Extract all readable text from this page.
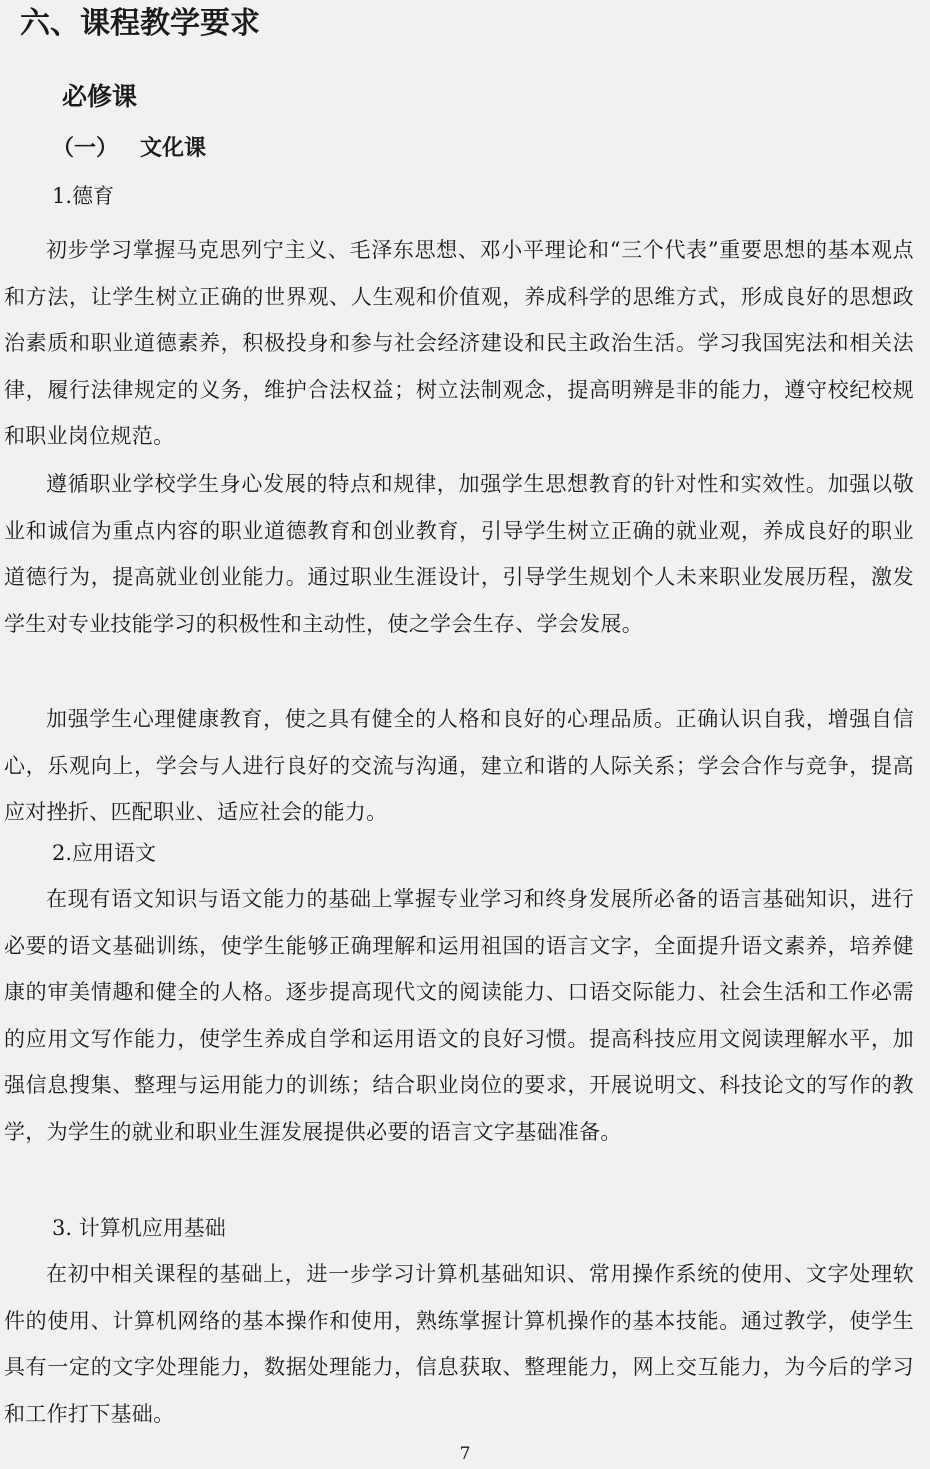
六、课程教学要求
必修课
（一） 文化课
1.德育

初步学习掌握马克思列宁主义、毛泽东思想、邓小平理论和“三个代表”重要思想的基本观点和方法，让学生树立正确的世界观、人生观和价值观，养成科学的思维方式，形成良好的思想政治素质和职业道德素养，积极投身和参与社会经济建设和民主政治生活。学习我国宪法和相关法律，履行法律规定的义务，维护合法权益；树立法制观念，提高明辨是非的能力，遵守校纪校规和职业岗位规范。

遵循职业学校学生身心发展的特点和规律，加强学生思想教育的针对性和实效性。加强以敬业和诚信为重点内容的职业道德教育和创业教育，引导学生树立正确的就业观，养成良好的职业道德行为，提高就业创业能力。通过职业生涯设计，引导学生规划个人未来职业发展历程，激发学生对专业技能学习的积极性和主动性，使之学会生存、学会发展。

加强学生心理健康教育，使之具有健全的人格和良好的心理品质。正确认识自我，增强自信心，乐观向上，学会与人进行良好的交流与沟通，建立和谐的人际关系；学会合作与竞争，提高应对挫折、匹配职业、适应社会的能力。

2.应用语文

在现有语文知识与语文能力的基础上掌握专业学习和终身发展所必备的语言基础知识，进行必要的语文基础训练，使学生能够正确理解和运用祖国的语言文字，全面提升语文素养，培养健康的审美情趣和健全的人格。逐步提高现代文的阅读能力、口语交际能力、社会生活和工作必需的应用文写作能力，使学生养成自学和运用语文的良好习惯。提高科技应用文阅读理解水平，加强信息搜集、整理与运用能力的训练；结合职业岗位的要求，开展说明文、科技论文的写作的教学，为学生的就业和职业生涯发展提供必要的语言文字基础准备。

3. 计算机应用基础

在初中相关课程的基础上，进一步学习计算机基础知识、常用操作系统的使用、文字处理软件的使用、计算机网络的基本操作和使用，熟练掌握计算机操作的基本技能。通过教学，使学生具有一定的文字处理能力，数据处理能力，信息获取、整理能力，网上交互能力，为今后的学习和工作打下基础。

7
